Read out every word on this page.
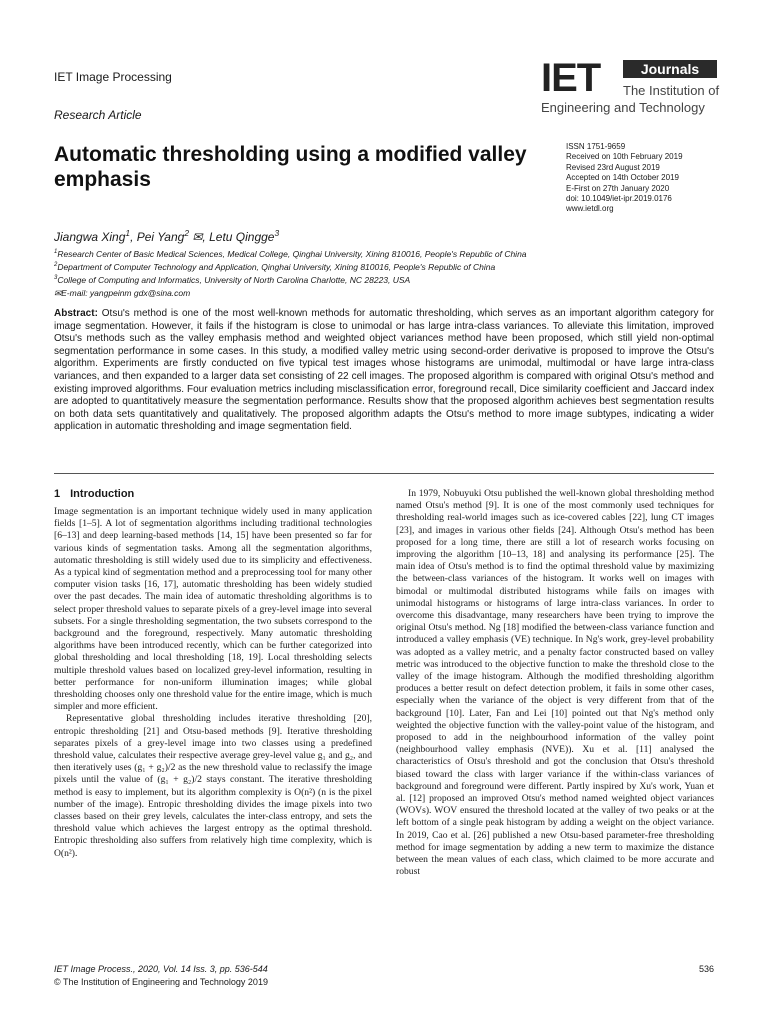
IET Image Processing
Research Article
IET	Journals
The Institution of
Engineering and Technology
Automatic thresholding using a modified valley emphasis
ISSN 1751-9659
Received on 10th February 2019
Revised 23rd August 2019
Accepted on 14th October 2019
E-First on 27th January 2020
doi: 10.1049/iet-ipr.2019.0176
www.ietdl.org
Jiangwa Xing$^1$, Pei Yang$^2$ ✉, Letu Qingge$^3$
$^1$Research Center of Basic Medical Sciences, Medical College, Qinghai University, Xining 810016, People's Republic of China
$^2$Department of Computer Technology and Application, Qinghai University, Xining 810016, People's Republic of China
$^3$College of Computing and Informatics, University of North Carolina Charlotte, NC 28223, USA
✉E-mail: yangpeinm gdx@sina.com
Abstract: Otsu's method is one of the most well-known methods for automatic thresholding, which serves as an important algorithm category for image segmentation. However, it fails if the histogram is close to unimodal or has large intra-class variances. To alleviate this limitation, improved Otsu's methods such as the valley emphasis method and weighted object variances method have been proposed, which still yield non-optimal segmentation performance in some cases. In this study, a modified valley metric using second-order derivative is proposed to improve the Otsu's algorithm. Experiments are firstly conducted on five typical test images whose histograms are unimodal, multimodal or have large intra-class variances, and then expanded to a larger data set consisting of 22 cell images. The proposed algorithm is compared with original Otsu's method and existing improved algorithms. Four evaluation metrics including misclassification error, foreground recall, Dice similarity coefficient and Jaccard index are adopted to quantitatively measure the segmentation performance. Results show that the proposed algorithm achieves best segmentation results on both data sets quantitatively and qualitatively. The proposed algorithm adapts the Otsu's method to more image subtypes, indicating a wider application in automatic thresholding and image segmentation field.
1 Introduction

Image segmentation is an important technique widely used in many application fields [1–5]. A lot of segmentation algorithms including traditional technologies [6–13] and deep learning-based methods [14, 15] have been presented so far for various kinds of segmentation tasks. Among all the segmentation algorithms, automatic thresholding is still widely used due to its simplicity and effectiveness. As a typical kind of segmentation method and a preprocessing tool for many other computer vision tasks [16, 17], automatic thresholding has been widely studied over the past decades. The main idea of automatic thresholding algorithms is to select proper threshold values to separate pixels of a grey-level image into several subsets. For a single thresholding segmentation, the two subsets correspond to the background and the foreground, respectively. Many automatic thresholding algorithms have been introduced recently, which can be further categorized into global thresholding and local thresholding [18, 19]. Local thresholding selects multiple threshold values based on localized grey-level information, resulting in better performance for non-uniform illumination images; while global thresholding chooses only one threshold value for the entire image, which is much simpler and more efficient.

Representative global thresholding includes iterative thresholding [20], entropic thresholding [21] and Otsu-based methods [9]. Iterative thresholding separates pixels of a grey-level image into two classes using a predefined threshold value, calculates their respective average grey-level value g₁ and g₂, and then iteratively uses (g₁ + g₂)/2 as the new threshold value to reclassify the image pixels until the value of (g₁ + g₂)/2 stays constant. The iterative thresholding method is easy to implement, but its algorithm complexity is O(n²) (n is the pixel number of the image). Entropic thresholding divides the image pixels into two classes based on their grey levels, calculates the inter-class entropy, and sets the threshold value which achieves the largest entropy as the optimal threshold. Entropic thresholding also suffers from relatively high time complexity, which is O(n²).

In 1979, Nobuyuki Otsu published the well-known global thresholding method named Otsu's method [9]. It is one of the most commonly used techniques for thresholding real-world images such as ice-covered cables [22], lung CT images [23], and images in various other fields [24]. Although Otsu's method has been proposed for a long time, there are still a lot of research works focusing on improving the algorithm [10–13, 18] and analysing its performance [25]. The main idea of Otsu's method is to find the optimal threshold value by maximizing the between-class variances of the histogram. It works well on images with bimodal or multimodal distributed histograms while fails on images with unimodal histograms or histograms of large intra-class variances. In order to overcome this disadvantage, many researchers have been trying to improve the original Otsu's method. Ng [18] modified the between-class variance function and introduced a valley emphasis (VE) technique. In Ng's work, grey-level probability was adopted as a valley metric, and a penalty factor constructed based on valley metric was introduced to the objective function to make the threshold close to the valley of the image histogram. Although the modified thresholding algorithm produces a better result on defect detection problem, it fails in some other cases, especially when the variance of the object is very different from that of the background [10]. Later, Fan and Lei [10] pointed out that Ng's method only weighted the objective function with the valley-point value of the histogram, and proposed to add in the neighbourhood information of the valley point (neighbourhood valley emphasis (NVE)). Xu et al. [11] analysed the characteristics of Otsu's threshold and got the conclusion that Otsu's threshold biased toward the class with larger variance if the within-class variances of background and foreground were different. Partly inspired by Xu's work, Yuan et al. [12] proposed an improved Otsu's method named weighted object variances (WOVs). WOV ensured the threshold located at the valley of two peaks or at the left bottom of a single peak histogram by adding a weight on the object variance. In 2019, Cao et al. [26] published a new Otsu-based parameter-free thresholding method for image segmentation by adding a new term to maximize the distance between the mean values of each class, which claimed to be more accurate and robust

IET Image Process., 2020, Vol. 14 Iss. 3, pp. 536-544
© The Institution of Engineering and Technology 2019
536
